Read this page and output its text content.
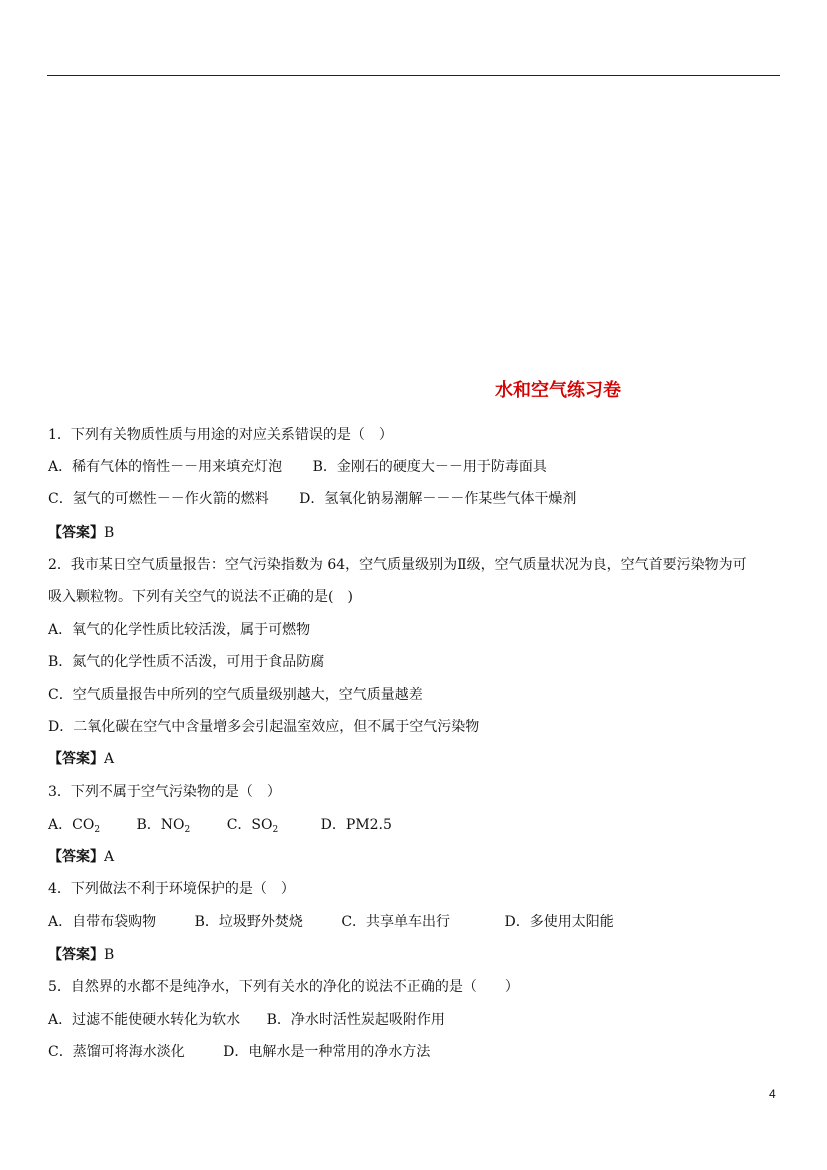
水和空气练习卷
1．下列有关物质性质与用途的对应关系错误的是（　）
A．稀有气体的惰性－－用来填充灯泡 B．金刚石的硬度大－－用于防毒面具
C．氢气的可燃性－－作火箭的燃料 D．氢氧化钠易潮解－－－作某些气体干燥剂
【答案】B
2．我市某日空气质量报告：空气污染指数为 64，空气质量级别为Ⅱ级，空气质量状况为良，空气首要污染物为可
吸入颗粒物。下列有关空气的说法不正确的是(　)
A．氧气的化学性质比较活泼，属于可燃物
B．氮气的化学性质不活泼，可用于食品防腐
C．空气质量报告中所列的空气质量级别越大，空气质量越差
D．二氧化碳在空气中含量增多会引起温室效应，但不属于空气污染物
【答案】A
3．下列不属于空气污染物的是（　）
A．$CO_2$	B．$NO_2$	C．$SO_2$	D．PM2.5
【答案】A
4．下列做法不利于环境保护的是（　）
A．自带布袋购物	B．垃圾野外焚烧	C．共享单车出行	D．多使用太阳能
【答案】B
5．自然界的水都不是纯净水，下列有关水的净化的说法不正确的是（　　）
A．过滤不能使硬水转化为软水 B．净水时活性炭起吸附作用
C．蒸馏可将海水淡化	D．电解水是一种常用的净水方法
4
